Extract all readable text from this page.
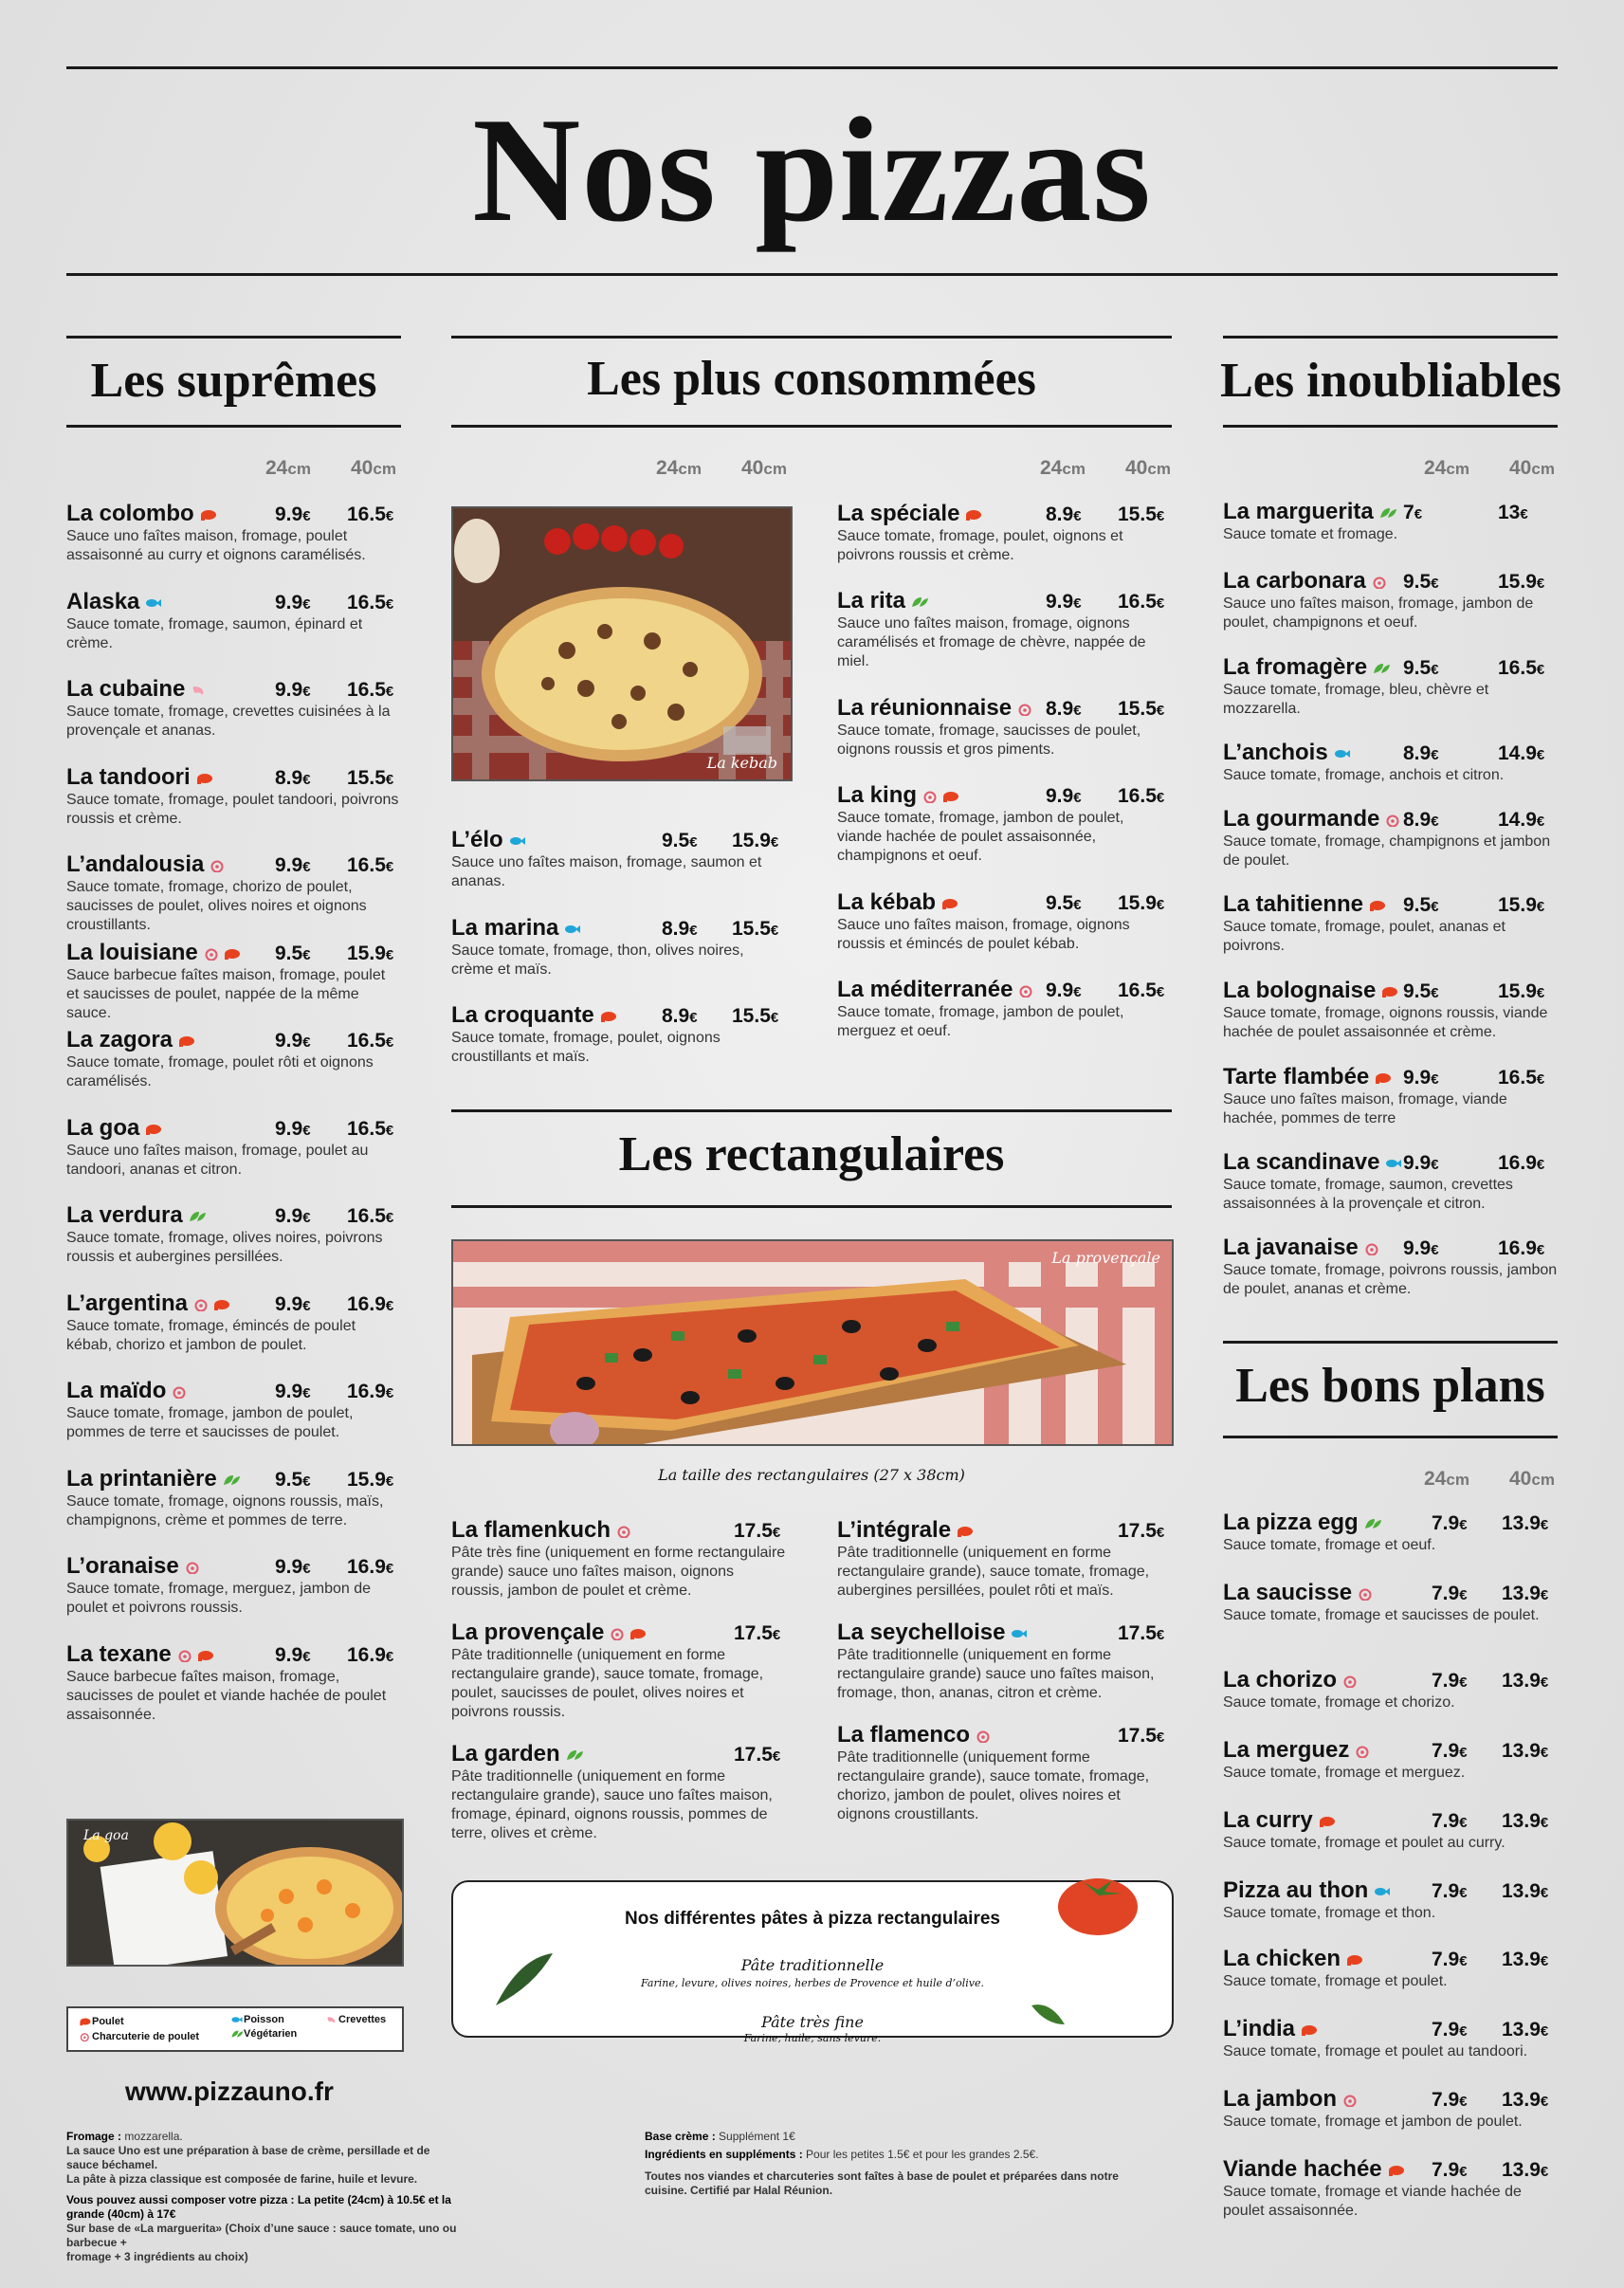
Nos pizzas
Les suprêmes	Les plus consommées	Les inoubliables
Les rectangulaires
Les bons plans
24cm 40cm	24cm 40cm	24cm 40cm	24cm 40cm
24cm 40cm
La colombo	9.9€ 16.5€
Sauce uno faîtes maison, fromage, poulet assaisonné au curry et oignons caramélisés.
Alaska	9.9€ 16.5€
Sauce tomate, fromage, saumon, épinard et crème.
La cubaine	9.9€ 16.5€
Sauce tomate, fromage, crevettes cuisinées à la provençale et ananas.
La tandoori	8.9€ 15.5€
Sauce tomate, fromage, poulet tandoori, poivrons roussis et crème.
L’andalousia	9.9€ 16.5€
Sauce tomate, fromage, chorizo de poulet, saucisses de poulet, olives noires et oignons croustillants.
La louisiane	9.5€ 15.9€
Sauce barbecue faîtes maison, fromage, poulet et saucisses de poulet, nappée de la même sauce.
La zagora	9.9€ 16.5€
Sauce tomate, fromage, poulet rôti et oignons caramélisés.
La goa	9.9€ 16.5€
Sauce uno faîtes maison, fromage, poulet au tandoori, ananas et citron.
La verdura	9.9€ 16.5€
Sauce tomate, fromage, olives noires, poivrons roussis et aubergines persillées.
L’argentina	9.9€ 16.9€
Sauce tomate, fromage, émincés de poulet kébab, chorizo et jambon de poulet.
La maïdo	9.9€ 16.9€
Sauce tomate, fromage, jambon de poulet, pommes de terre et saucisses de poulet.
La printanière	9.5€ 15.9€
Sauce tomate, fromage, oignons roussis, maïs, champignons, crème et pommes de terre.
L’oranaise	9.9€ 16.9€
Sauce tomate, fromage, merguez, jambon de poulet et poivrons roussis.
La texane	9.9€ 16.9€
Sauce barbecue faîtes maison, fromage, saucisses de poulet et viande hachée de poulet assaisonnée.
L’élo	9.5€ 15.9€
Sauce uno faîtes maison, fromage, saumon et ananas.
La marina	8.9€ 15.5€
Sauce tomate, fromage, thon, olives noires, crème et maïs.
La croquante	8.9€ 15.5€
Sauce tomate, fromage, poulet, oignons croustillants et maïs.
La spéciale	8.9€ 15.5€
Sauce tomate, fromage, poulet, oignons et poivrons roussis et crème.
La rita	9.9€ 16.5€
Sauce uno faîtes maison, fromage, oignons caramélisés et fromage de chèvre, nappée de miel.
La réunionnaise	8.9€ 15.5€
Sauce tomate, fromage, saucisses de poulet, oignons roussis et gros piments.
La king	9.9€ 16.5€
Sauce tomate, fromage, jambon de poulet, viande hachée de poulet assaisonnée, champignons et oeuf.
La kébab	9.5€ 15.9€
Sauce uno faîtes maison, fromage, oignons roussis et émincés de poulet kébab.
La méditerranée	9.9€ 16.5€
Sauce tomate, fromage, jambon de poulet, merguez et oeuf.
La flamenkuch	17.5€
Pâte très fine (uniquement en forme rectangulaire grande) sauce uno faîtes maison, oignons roussis, jambon de poulet et crème.
La provençale	17.5€
Pâte traditionnelle (uniquement en forme rectangulaire grande), sauce tomate, fromage, poulet, saucisses de poulet, olives noires et poivrons roussis.
La garden	17.5€
Pâte traditionnelle (uniquement en forme rectangulaire grande), sauce uno faîtes maison, fromage, épinard, oignons roussis, pommes de terre, olives et crème.
L’intégrale	17.5€
Pâte traditionnelle (uniquement en forme rectangulaire grande), sauce tomate, fromage, aubergines persillées, poulet rôti et maïs.
La seychelloise	17.5€
Pâte traditionnelle (uniquement en forme rectangulaire grande) sauce uno faîtes maison, fromage, thon, ananas, citron et crème.
La flamenco	17.5€
Pâte traditionnelle (uniquement forme rectangulaire grande), sauce tomate, fromage, chorizo, jambon de poulet, olives noires et oignons croustillants.
La marguerita	7€	13€
Sauce tomate et fromage.
La carbonara	9.5€	15.9€
Sauce uno faîtes maison, fromage, jambon de poulet, champignons et oeuf.
La fromagère	9.5€	16.5€
Sauce tomate, fromage, bleu, chèvre et mozzarella.
L’anchois	8.9€	14.9€
Sauce tomate, fromage, anchois et citron.
La gourmande	8.9€	14.9€
Sauce tomate, fromage, champignons et jambon de poulet.
La tahitienne	9.5€	15.9€
Sauce tomate, fromage, poulet, ananas et poivrons.
La bolognaise	9.5€	15.9€
Sauce tomate, fromage, oignons roussis, viande hachée de poulet assaisonnée et crème.
Tarte flambée	9.9€	16.5€
Sauce uno faîtes maison, fromage, viande hachée, pommes de terre
La scandinave	9.9€	16.9€
Sauce tomate, fromage, saumon, crevettes assaisonnées à la provençale et citron.
La javanaise	9.9€	16.9€
Sauce tomate, fromage, poivrons roussis, jambon de poulet, ananas et crème.
La pizza egg	7.9€ 13.9€
Sauce tomate, fromage et oeuf.
La saucisse	7.9€ 13.9€
Sauce tomate, fromage et saucisses de poulet.
La chorizo	7.9€ 13.9€
Sauce tomate, fromage et chorizo.
La merguez	7.9€ 13.9€
Sauce tomate, fromage et merguez.
La curry	7.9€ 13.9€
Sauce tomate, fromage et poulet au curry.
Pizza au thon	7.9€ 13.9€
Sauce tomate, fromage et thon.
La chicken	7.9€ 13.9€
Sauce tomate, fromage et poulet.
L’india	7.9€ 13.9€
Sauce tomate, fromage et poulet au tandoori.
La jambon	7.9€ 13.9€
Sauce tomate, fromage et jambon de poulet.
Viande hachée	7.9€ 13.9€
Sauce tomate, fromage et viande hachée de poulet assaisonnée.
La kebab
La provençale
La taille des rectangulaires (27 x 38cm)
La goa
Poulet
Charcuterie de poulet
Poisson
Végétarien
Crevettes
www.pizzauno.fr
Nos différentes pâtes à pizza rectangulaires
Pâte traditionnelle
Farine, levure, olives noires, herbes de Provence et huile d’olive.
Pâte très fine
Farine, huile, sans levure.
Fromage : mozzarella.
La sauce Uno est une préparation à base de crème, persillade et de sauce béchamel.
La pâte à pizza classique est composée de farine, huile et levure.
Vous pouvez aussi composer votre pizza : La petite (24cm) à 10.5€ et la grande (40cm) à 17€
Sur base de «La marguerita» (Choix d’une sauce : sauce tomate, uno ou barbecue +
fromage + 3 ingrédients au choix)
Base crème : Supplément 1€
Ingrédients en suppléments : Pour les petites 1.5€ et pour les grandes 2.5€.
Toutes nos viandes et charcuteries sont faîtes à base de poulet et préparées dans notre
cuisine. Certifié par Halal Réunion.
